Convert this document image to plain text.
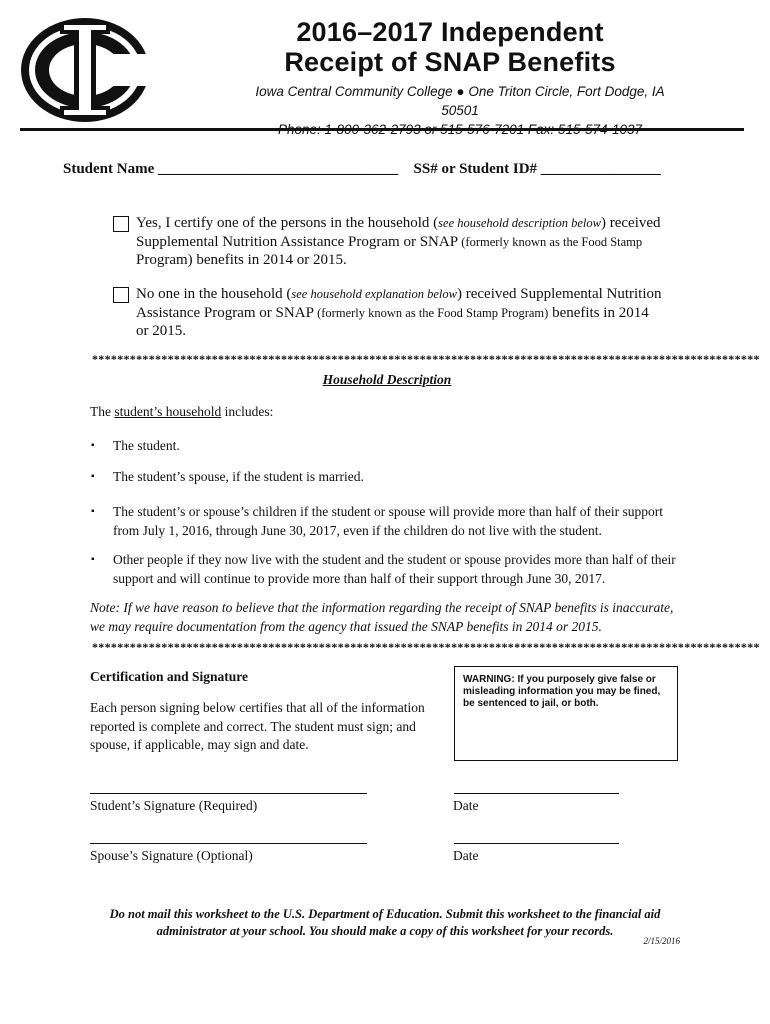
2016–2017 Independent
Receipt of SNAP Benefits
Iowa Central Community College ● One Triton Circle, Fort Dodge, IA 50501
Student Name ________________________________ SS# or Student ID# ________________
Yes, I certify one of the persons in the household (see household description below) received
Supplemental Nutrition Assistance Program or SNAP (formerly known as the Food Stamp
Program) benefits in 2014 or 2015.
No one in the household (see household explanation below) received Supplemental Nutrition
Assistance Program or SNAP (formerly known as the Food Stamp Program) benefits in 2014
or 2015.
**********************************************************************************************************
Household Description
The student’s household includes:
▪ The student.
▪ The student’s spouse, if the student is married.
▪ The student’s or spouse’s children if the student or spouse will provide more than half of their support from July 1, 2016, through June 30, 2017, even if the children do not live with the student.
▪ Other people if they now live with the student and the student or spouse provides more than half of their support and will continue to provide more than half of their support through June 30, 2017.
Note: If we have reason to believe that the information regarding the receipt of SNAP benefits is inaccurate, we may require documentation from the agency that issued the SNAP benefits in 2014 or 2015.
**********************************************************************************************************
Certification and Signature
Each person signing below certifies that all of the information reported is complete and correct. The student must sign; and spouse, if applicable, may sign and date.
WARNING: If you purposely give false or misleading information you may be fined, be sentenced to jail, or both.
Student’s Signature (Required)	Date
Spouse’s Signature (Optional)	Date
Do not mail this worksheet to the U.S. Department of Education. Submit this worksheet to the financial aid administrator at your school. You should make a copy of this worksheet for your records.
2/15/2016
